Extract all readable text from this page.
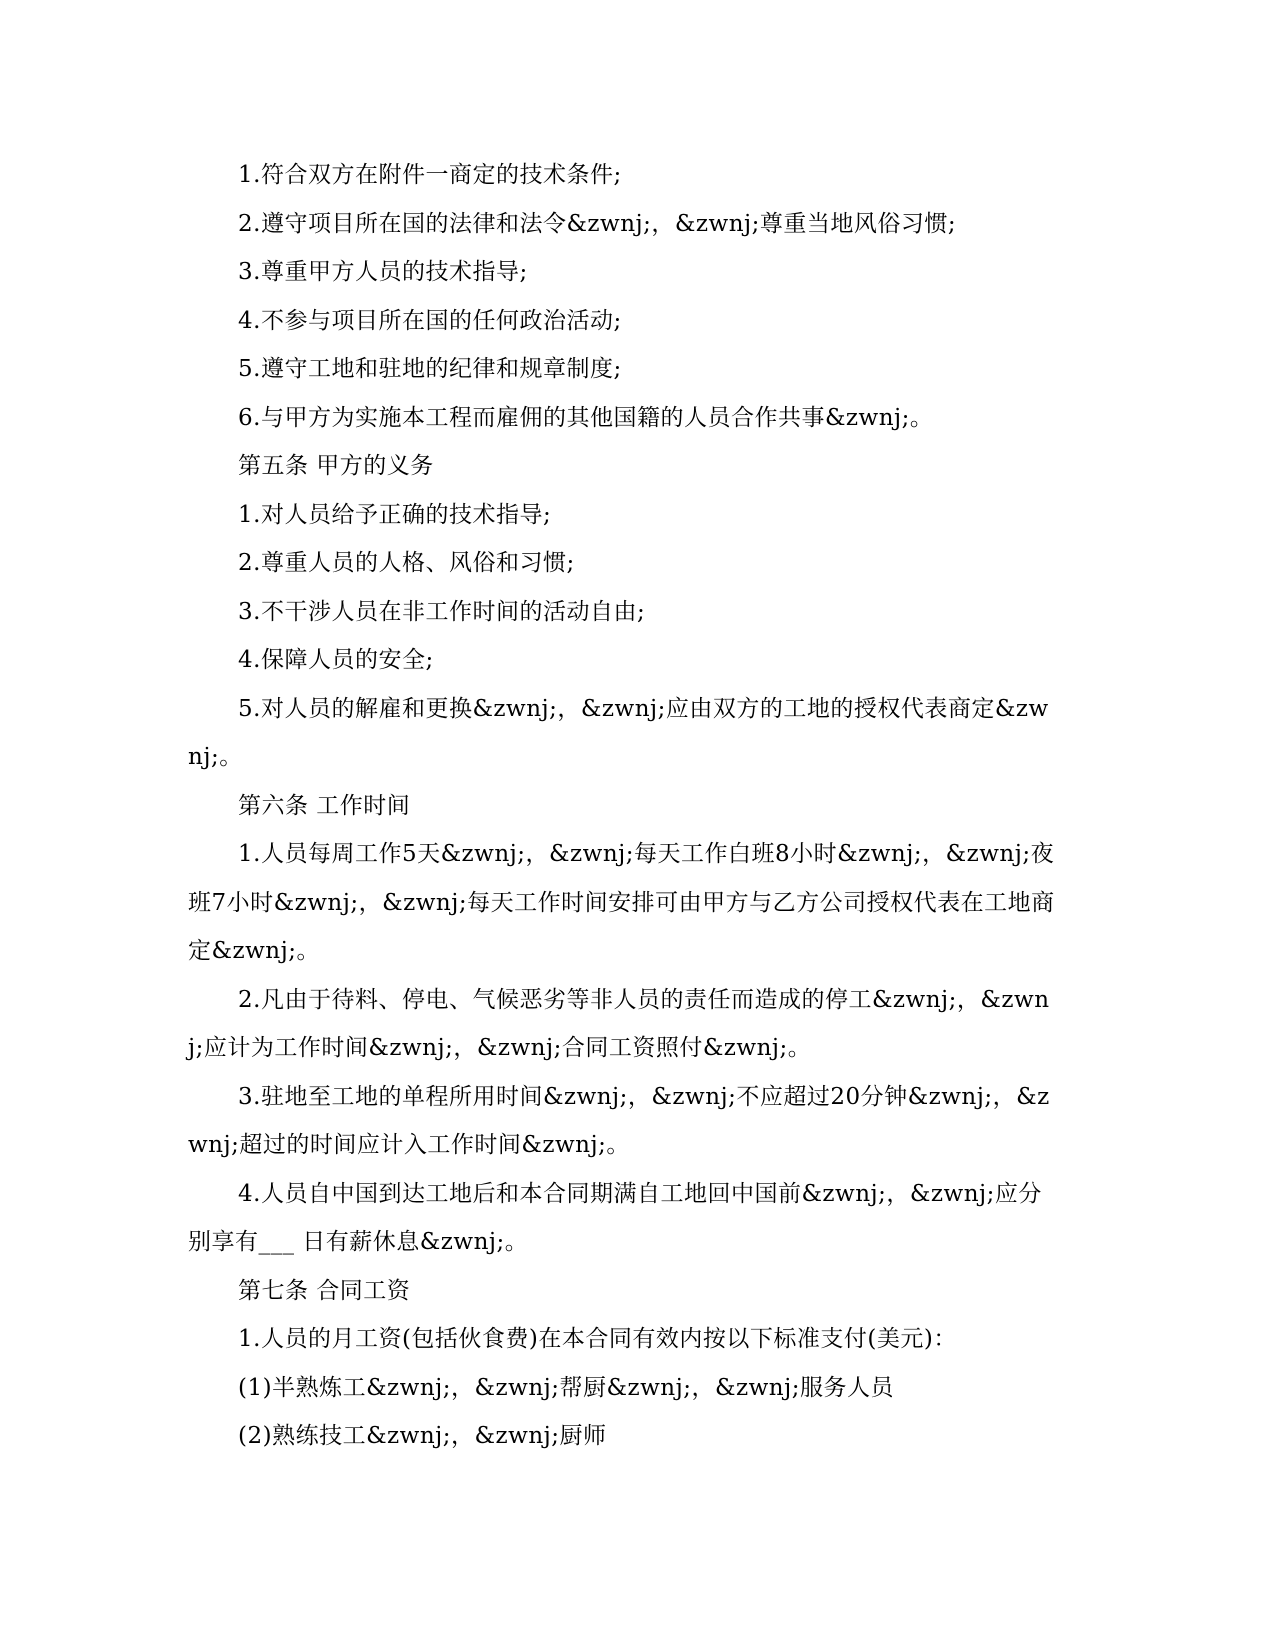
1.符合双方在附件一商定的技术条件;

2.遵守项目所在国的法律和法令&zwnj;，&zwnj;尊重当地风俗习惯;

3.尊重甲方人员的技术指导;

4.不参与项目所在国的任何政治活动;

5.遵守工地和驻地的纪律和规章制度;

6.与甲方为实施本工程而雇佣的其他国籍的人员合作共事&zwnj;。

第五条 甲方的义务

1.对人员给予正确的技术指导;

2.尊重人员的人格、风俗和习惯;

3.不干涉人员在非工作时间的活动自由;

4.保障人员的安全;

5.对人员的解雇和更换&zwnj;，&zwnj;应由双方的工地的授权代表商定&zwnj;。

第六条 工作时间

1.人员每周工作5天&zwnj;，&zwnj;每天工作白班8小时&zwnj;，&zwnj;夜班7小时&zwnj;，&zwnj;每天工作时间安排可由甲方与乙方公司授权代表在工地商定&zwnj;。

2.凡由于待料、停电、气候恶劣等非人员的责任而造成的停工&zwnj;，&zwnj;应计为工作时间&zwnj;，&zwnj;合同工资照付&zwnj;。

3.驻地至工地的单程所用时间&zwnj;，&zwnj;不应超过20分钟&zwnj;，&zwnj;超过的时间应计入工作时间&zwnj;。

4.人员自中国到达工地后和本合同期满自工地回中国前&zwnj;，&zwnj;应分别享有___ 日有薪休息&zwnj;。

第七条 合同工资

1.人员的月工资(包括伙食费)在本合同有效内按以下标准支付(美元)：

(1)半熟炼工&zwnj;，&zwnj;帮厨&zwnj;，&zwnj;服务人员

(2)熟练技工&zwnj;，&zwnj;厨师
